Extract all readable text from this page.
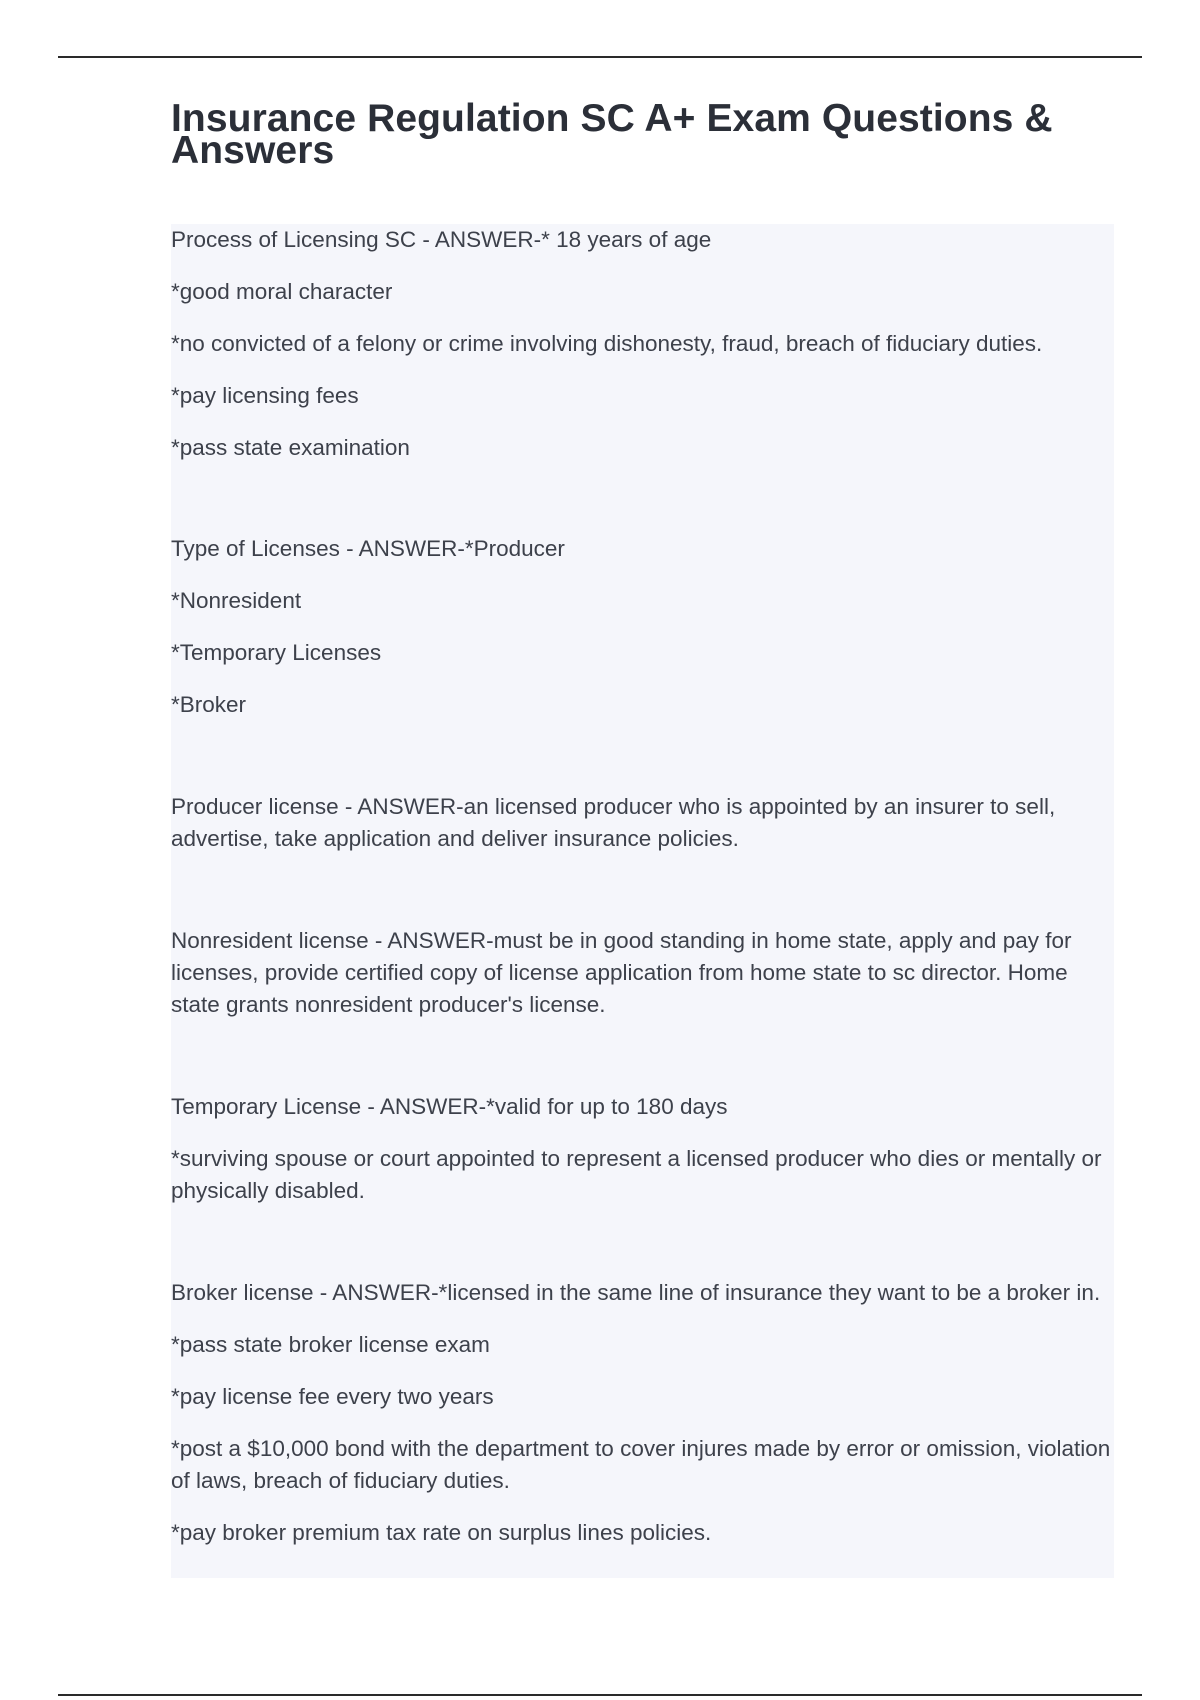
Insurance Regulation SC A+ Exam Questions & Answers

Process of Licensing SC - ANSWER-* 18 years of age

*good moral character

*no convicted of a felony or crime involving dishonesty, fraud, breach of fiduciary duties.

*pay licensing fees

*pass state examination

Type of Licenses - ANSWER-*Producer

*Nonresident

*Temporary Licenses

*Broker

Producer license - ANSWER-an licensed producer who is appointed by an insurer to sell, advertise, take application and deliver insurance policies.

Nonresident license - ANSWER-must be in good standing in home state, apply and pay for licenses, provide certified copy of license application from home state to sc director. Home state grants nonresident producer's license.

Temporary License - ANSWER-*valid for up to 180 days

*surviving spouse or court appointed to represent a licensed producer who dies or mentally or physically disabled.

Broker license - ANSWER-*licensed in the same line of insurance they want to be a broker in.

*pass state broker license exam

*pay license fee every two years

*post a $10,000 bond with the department to cover injures made by error or omission, violation of laws, breach of fiduciary duties.

*pay broker premium tax rate on surplus lines policies.
